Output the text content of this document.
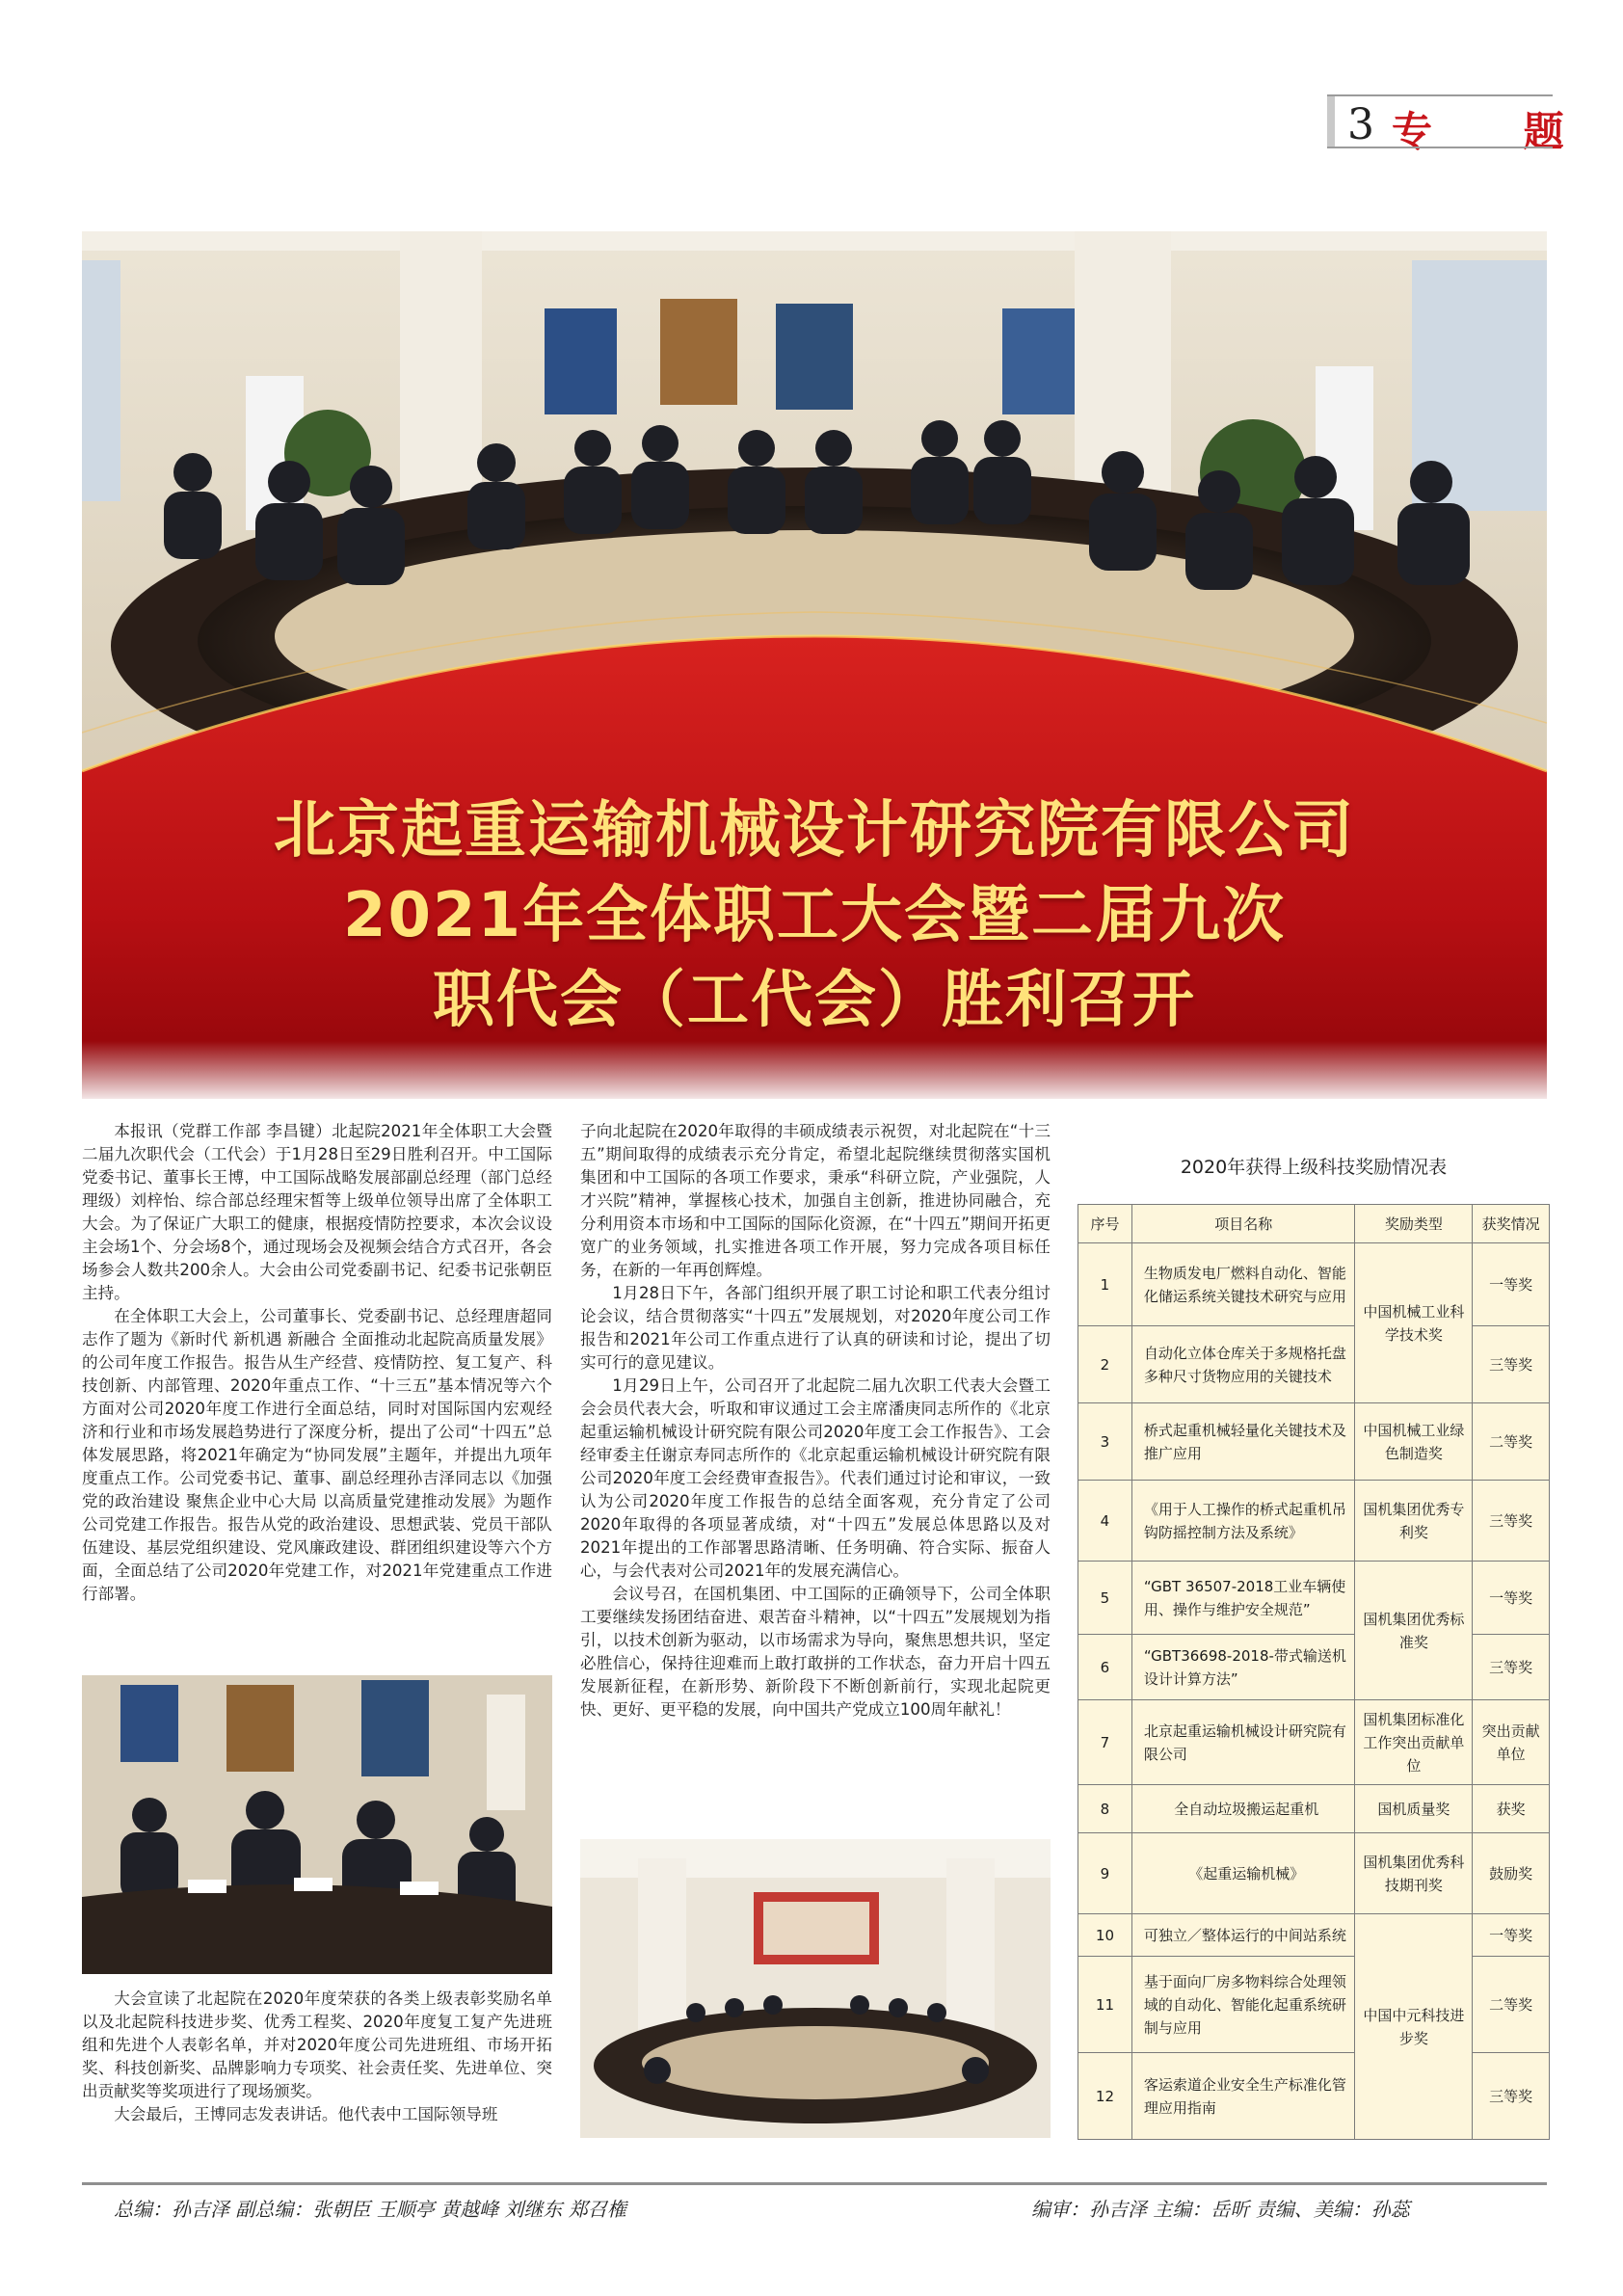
3 专 题
北京起重运输机械设计研究院有限公司
2021年全体职工大会暨二届九次
职代会（工代会）胜利召开

本报讯（党群工作部 李昌键）北起院2021年全体职工大会暨二届九次职代会（工代会）于1月28日至29日胜利召开。中工国际党委书记、董事长王博，中工国际战略发展部副总经理（部门总经理级）刘梓怡、综合部总经理宋皙等上级单位领导出席了全体职工大会。为了保证广大职工的健康，根据疫情防控要求，本次会议设主会场1个、分会场8个，通过现场会及视频会结合方式召开，各会场参会人数共200余人。大会由公司党委副书记、纪委书记张朝臣主持。

在全体职工大会上，公司董事长、党委副书记、总经理唐超同志作了题为《新时代 新机遇 新融合 全面推动北起院高质量发展》的公司年度工作报告。报告从生产经营、疫情防控、复工复产、科技创新、内部管理、2020年重点工作、“十三五”基本情况等六个方面对公司2020年度工作进行全面总结，同时对国际国内宏观经济和行业和市场发展趋势进行了深度分析，提出了公司“十四五”总体发展思路，将2021年确定为“协同发展”主题年，并提出九项年度重点工作。公司党委书记、董事、副总经理孙吉泽同志以《加强党的政治建设 聚焦企业中心大局 以高质量党建推动发展》为题作公司党建工作报告。报告从党的政治建设、思想武装、党员干部队伍建设、基层党组织建设、党风廉政建设、群团组织建设等六个方面，全面总结了公司2020年党建工作，对2021年党建重点工作进行部署。

大会宣读了北起院在2020年度荣获的各类上级表彰奖励名单以及北起院科技进步奖、优秀工程奖、2020年度复工复产先进班组和先进个人表彰名单，并对2020年度公司先进班组、市场开拓奖、科技创新奖、品牌影响力专项奖、社会责任奖、先进单位、突出贡献奖等奖项进行了现场颁奖。

大会最后，王博同志发表讲话。他代表中工国际领导班

子向北起院在2020年取得的丰硕成绩表示祝贺，对北起院在“十三五”期间取得的成绩表示充分肯定，希望北起院继续贯彻落实国机集团和中工国际的各项工作要求，秉承“科研立院，产业强院，人才兴院”精神，掌握核心技术，加强自主创新，推进协同融合，充分利用资本市场和中工国际的国际化资源，在“十四五”期间开拓更宽广的业务领域，扎实推进各项工作开展，努力完成各项目标任务，在新的一年再创辉煌。

1月28日下午，各部门组织开展了职工讨论和职工代表分组讨论会议，结合贯彻落实“十四五”发展规划，对2020年度公司工作报告和2021年公司工作重点进行了认真的研读和讨论，提出了切实可行的意见建议。

1月29日上午，公司召开了北起院二届九次职工代表大会暨工会会员代表大会，听取和审议通过工会主席潘庚同志所作的《北京起重运输机械设计研究院有限公司2020年度工会工作报告》、工会经审委主任谢京寿同志所作的《北京起重运输机械设计研究院有限公司2020年度工会经费审查报告》。代表们通过讨论和审议，一致认为公司2020年度工作报告的总结全面客观，充分肯定了公司2020年取得的各项显著成绩，对“十四五”发展总体思路以及对2021年提出的工作部署思路清晰、任务明确、符合实际、振奋人心，与会代表对公司2021年的发展充满信心。

会议号召，在国机集团、中工国际的正确领导下，公司全体职工要继续发扬团结奋进、艰苦奋斗精神，以“十四五”发展规划为指引，以技术创新为驱动，以市场需求为导向，聚焦思想共识，坚定必胜信心，保持往迎难而上敢打敢拼的工作状态，奋力开启十四五发展新征程，在新形势、新阶段下不断创新前行，实现北起院更快、更好、更平稳的发展，向中国共产党成立100周年献礼！

2020年获得上级科技奖励情况表
序号	项目名称	奖励类型	获奖情况
1	生物质发电厂燃料自动化、智能化储运系统关键技术研究与应用	中国机械工业科学技术奖	一等奖
2	自动化立体仓库关于多规格托盘多种尺寸货物应用的关键技术		三等奖
3	桥式起重机械轻量化关键技术及推广应用	中国机械工业绿色制造奖	二等奖
4	《用于人工操作的桥式起重机吊钩防摇控制方法及系统》	国机集团优秀专利奖	三等奖
5	“GBT 36507-2018工业车辆使用、操作与维护安全规范”	国机集团优秀标准奖	一等奖
6	“GBT36698-2018-带式输送机设计计算方法”		三等奖
7	北京起重运输机械设计研究院有限公司	国机集团标准化工作突出贡献单位	突出贡献单位
8	全自动垃圾搬运起重机	国机质量奖	获奖
9	《起重运输机械》	国机集团优秀科技期刊奖	鼓励奖
10	可独立／整体运行的中间站系统	中国中元科技进步奖	一等奖
11	基于面向厂房多物料综合处理领域的自动化、智能化起重系统研制与应用		二等奖
12	客运索道企业安全生产标准化管理应用指南		三等奖
总编：孙吉泽 副总编：张朝臣 王顺亭 黄越峰 刘继东 郑召権	编审：孙吉泽 主编：岳昕 责编、美编：孙蕊
